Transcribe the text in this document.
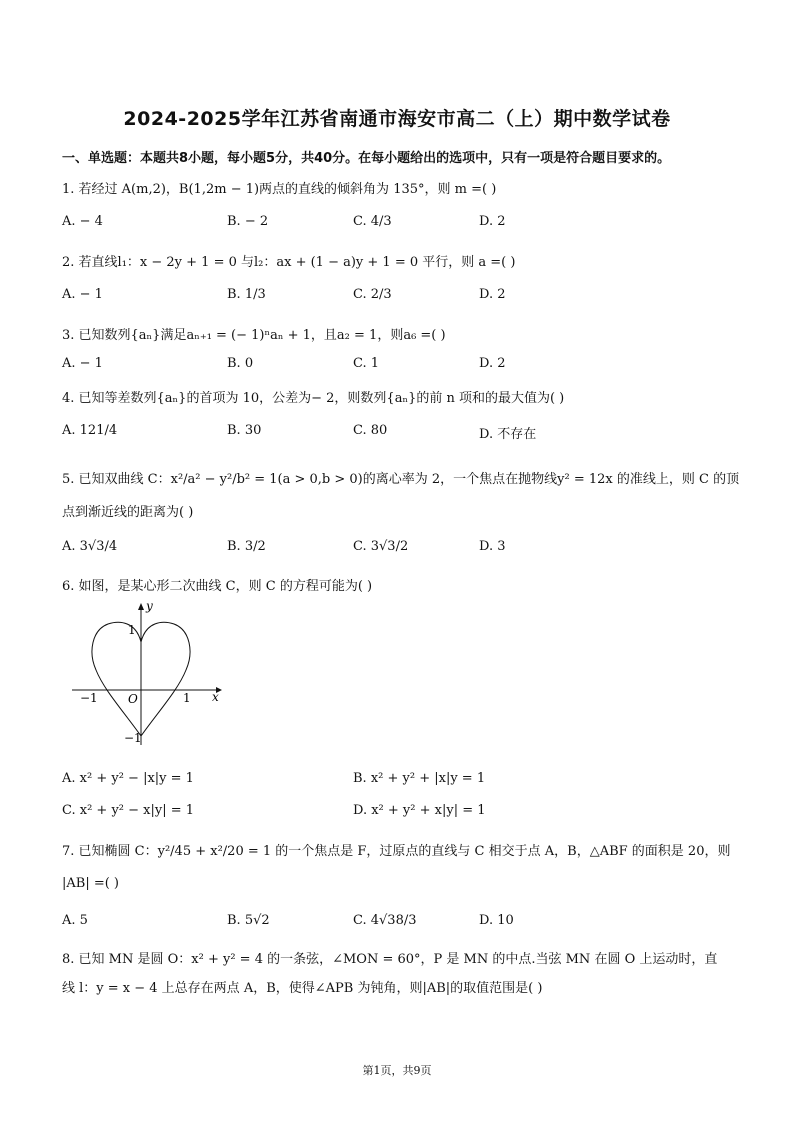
2024-2025学年江苏省南通市海安市高二（上）期中数学试卷
一、单选题：本题共8小题，每小题5分，共40分。在每小题给出的选项中，只有一项是符合题目要求的。
1. 若经过 A(m,2)，B(1,2m − 1)两点的直线的倾斜角为 135°，则 m =( )
A. − 4	B. − 2	C. 4/3	D. 2
2. 若直线l₁：x − 2y + 1 = 0 与l₂：ax + (1 − a)y + 1 = 0 平行，则 a =( )
A. − 1	B. 1/3	C. 2/3	D. 2
3. 已知数列{aₙ}满足aₙ₊₁ = (− 1)ⁿaₙ + 1，且a₂ = 1，则a₆ =( )
A. − 1	B. 0	C. 1	D. 2
4. 已知等差数列{aₙ}的首项为 10，公差为− 2，则数列{aₙ}的前 n 项和的最大值为( )
A. 121/4	B. 30	C. 80	D. 不存在
5. 已知双曲线 C：x²/a² − y²/b² = 1(a > 0,b > 0)的离心率为 2，一个焦点在抛物线y² = 12x 的准线上，则 C 的顶
点到渐近线的距离为( )
A. 3√3/4	B. 3/2	C. 3√3/2	D. 3
6. 如图，是某心形二次曲线 C，则 C 的方程可能为( )
y
x
1
−1
−1	1
O
A. x² + y² − |x|y = 1	B. x² + y² + |x|y = 1
C. x² + y² − x|y| = 1	D. x² + y² + x|y| = 1
7. 已知椭圆 C：y²/45 + x²/20 = 1 的一个焦点是 F，过原点的直线与 C 相交于点 A，B，△ABF 的面积是 20，则
|AB| =( )
A. 5	B. 5√2	C. 4√38/3	D. 10
8. 已知 MN 是圆 O：x² + y² = 4 的一条弦，∠MON = 60°，P 是 MN 的中点.当弦 MN 在圆 O 上运动时，直
线 l：y = x − 4 上总存在两点 A，B，使得∠APB 为钝角，则|AB|的取值范围是( )
第1页，共9页
